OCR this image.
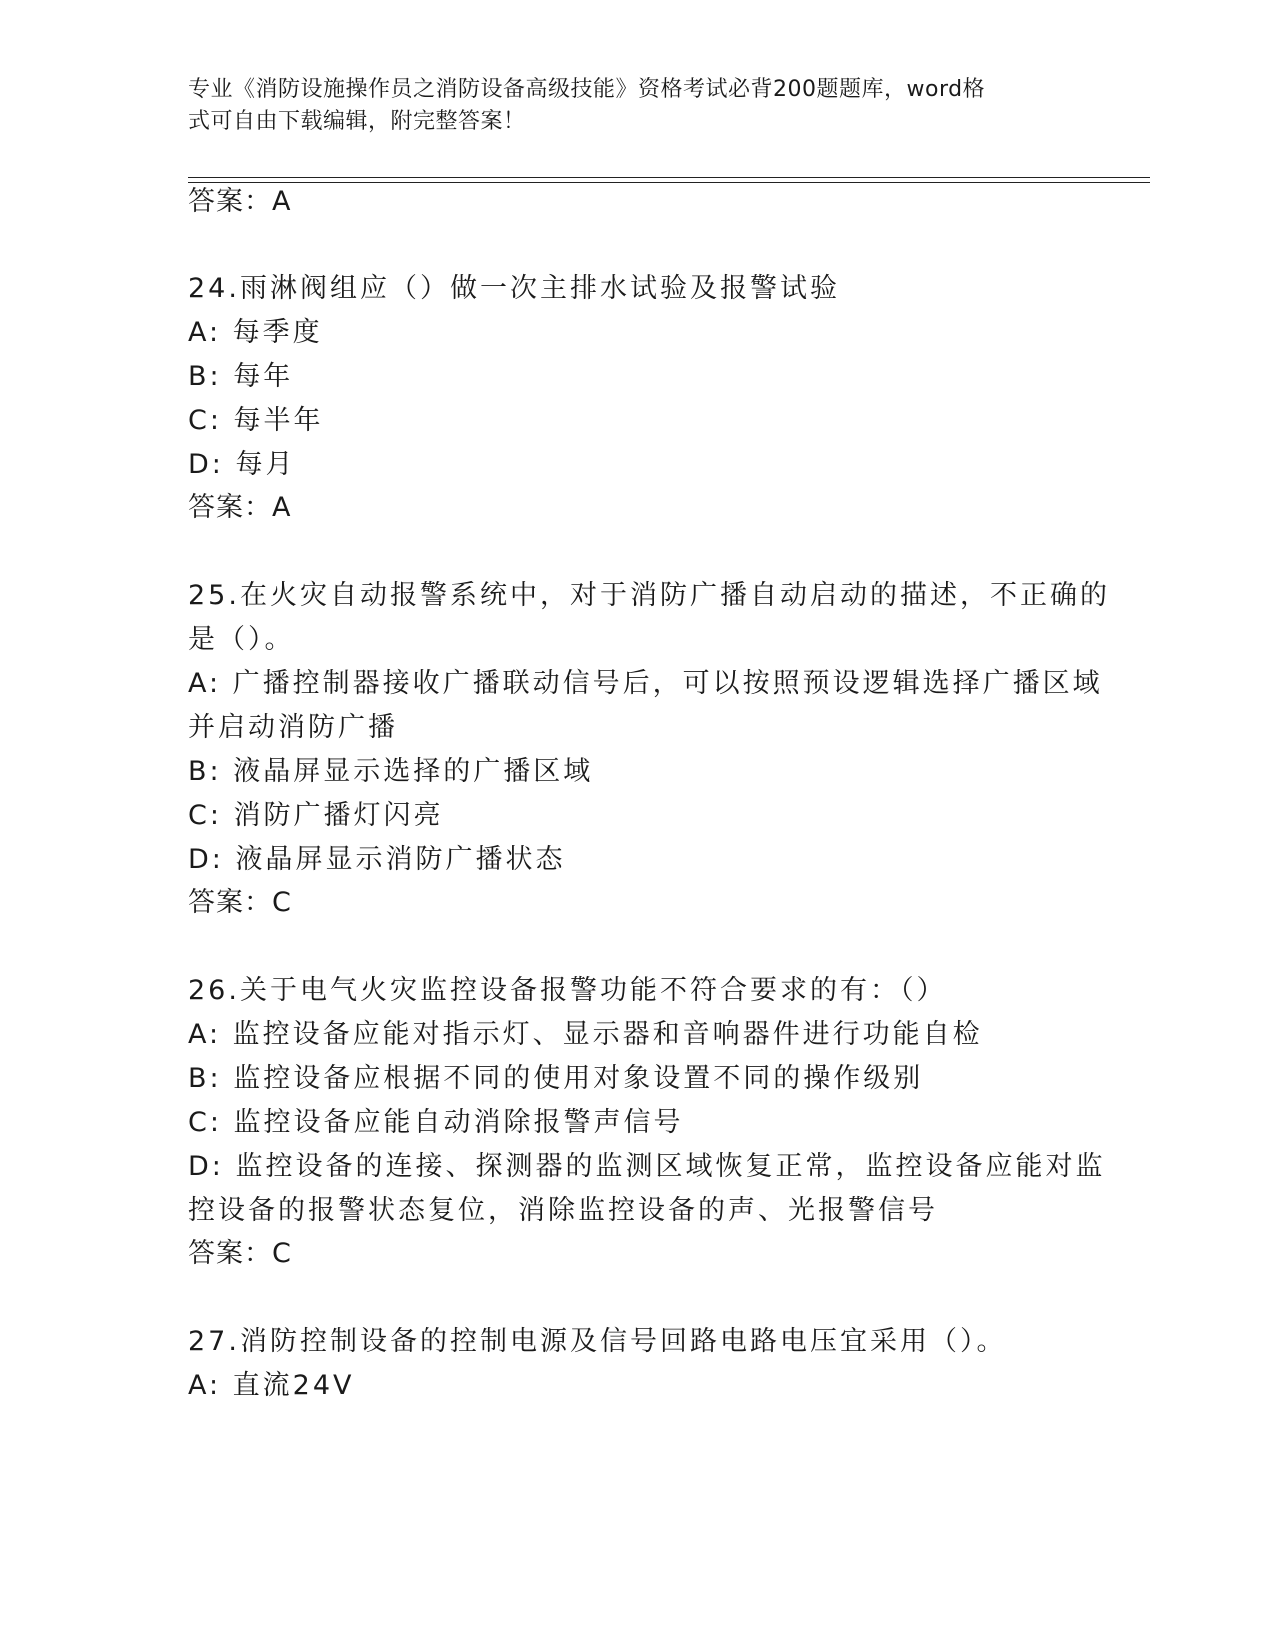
专业《消防设施操作员之消防设备高级技能》资格考试必背200题题库，word格
式可自由下载编辑，附完整答案！
答案：A
24.雨淋阀组应（）做一次主排水试验及报警试验
A: 每季度
B: 每年
C: 每半年
D: 每月
答案：A
25.在火灾自动报警系统中，对于消防广播自动启动的描述，不正确的
是（）。
A: 广播控制器接收广播联动信号后，可以按照预设逻辑选择广播区域
并启动消防广播
B: 液晶屏显示选择的广播区域
C: 消防广播灯闪亮
D: 液晶屏显示消防广播状态
答案：C
26.关于电气火灾监控设备报警功能不符合要求的有：（）
A: 监控设备应能对指示灯、显示器和音响器件进行功能自检
B: 监控设备应根据不同的使用对象设置不同的操作级别
C: 监控设备应能自动消除报警声信号
D: 监控设备的连接、探测器的监测区域恢复正常，监控设备应能对监
控设备的报警状态复位，消除监控设备的声、光报警信号
答案：C
27.消防控制设备的控制电源及信号回路电路电压宜采用（）。
A: 直流24V
